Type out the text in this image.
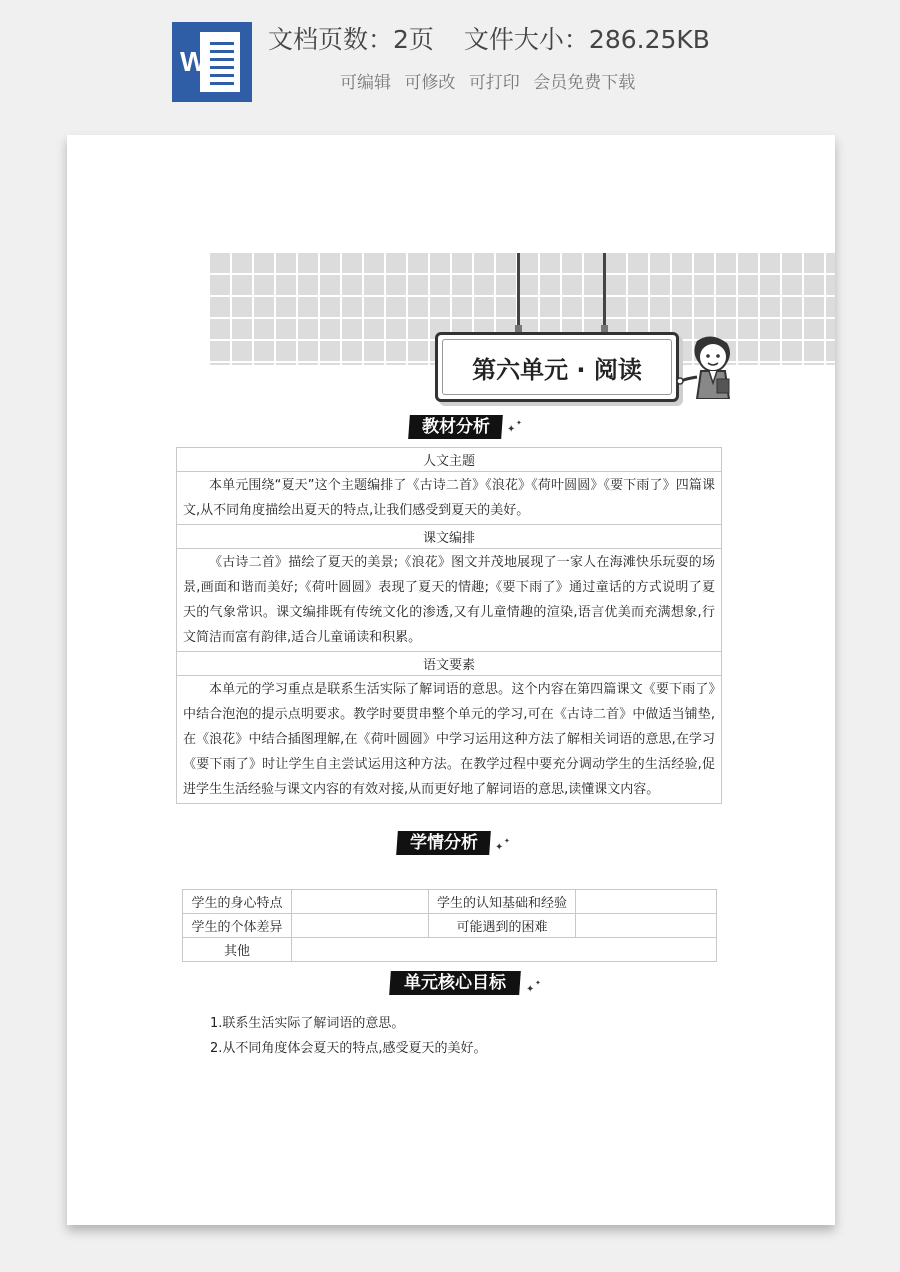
W
文档页数：2页 文件大小：286.25KB
可编辑 可修改 可打印 会员免费下载
第六单元 · 阅读
教材分析	✦
✦
人文主题
本单元围绕“夏天”这个主题编排了《古诗二首》《浪花》《荷叶圆圆》《要下雨了》四篇课文,从不同角度描绘出夏天的特点,让我们感受到夏天的美好。
课文编排
《古诗二首》描绘了夏天的美景;《浪花》图文并茂地展现了一家人在海滩快乐玩耍的场景,画面和谐而美好;《荷叶圆圆》表现了夏天的情趣;《要下雨了》通过童话的方式说明了夏天的气象常识。课文编排既有传统文化的渗透,又有儿童情趣的渲染,语言优美而充满想象,行文简洁而富有韵律,适合儿童诵读和积累。
语文要素
本单元的学习重点是联系生活实际了解词语的意思。这个内容在第四篇课文《要下雨了》中结合泡泡的提示点明要求。教学时要贯串整个单元的学习,可在《古诗二首》中做适当铺垫,在《浪花》中结合插图理解,在《荷叶圆圆》中学习运用这种方法了解相关词语的意思,在学习《要下雨了》时让学生自主尝试运用这种方法。在教学过程中要充分调动学生的生活经验,促进学生生活经验与课文内容的有效对接,从而更好地了解词语的意思,读懂课文内容。
学情分析	✦
✦
学生的身心特点		学生的认知基础和经验	
学生的个体差异		可能遇到的困难	
其他			
单元核心目标	✦
✦
1.联系生活实际了解词语的意思。
2.从不同角度体会夏天的特点,感受夏天的美好。
